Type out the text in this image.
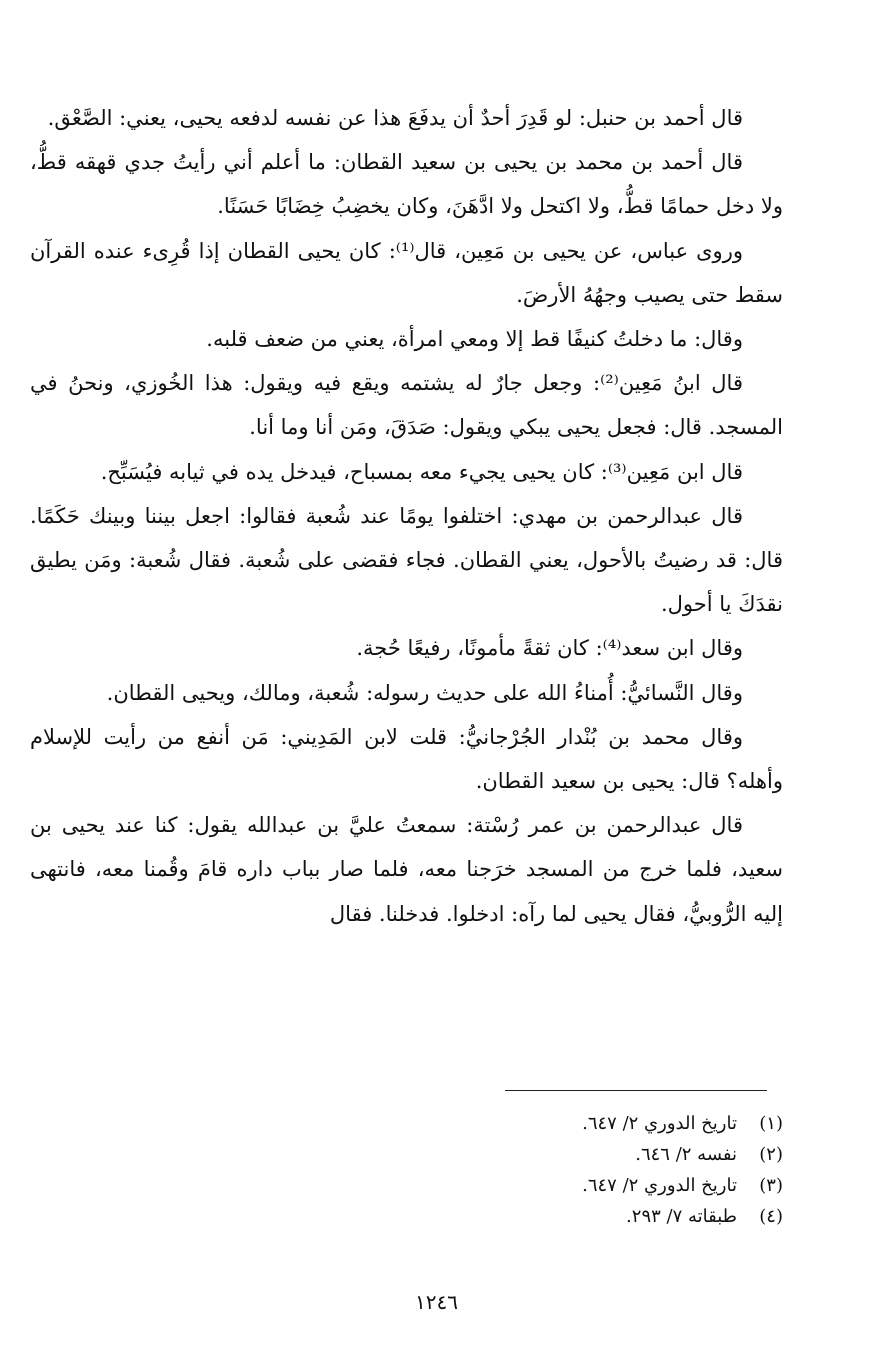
قال أحمد بن حنبل: لو قَدِرَ أحدٌ أن يدفَعَ هذا عن نفسه لدفعه يحيى، يعني: الصَّعْق.

قال أحمد بن محمد بن يحيى بن سعيد القطان: ما أعلم أني رأيتُ جدي قهقه قطُّ، ولا دخل حمامًا قطُّ، ولا اكتحل ولا ادَّهَنَ، وكان يخضِبُ خِضَابًا حَسَنًا.

وروى عباس، عن يحيى بن مَعِين، قال⁽¹⁾: كان يحيى القطان إذا قُرِىء عنده القرآن سقط حتى يصيب وجهُهُ الأرضَ.

وقال: ما دخلتُ كنيفًا قط إلا ومعي امرأة، يعني من ضعف قلبه.

قال ابنُ مَعِين⁽²⁾: وجعل جارٌ له يشتمه ويقع فيه ويقول: هذا الخُوزي، ونحنُ في المسجد. قال: فجعل يحيى يبكي ويقول: صَدَقَ، ومَن أنا وما أنا.

قال ابن مَعِين⁽³⁾: كان يحيى يجيء معه بمسباح، فيدخل يده في ثيابه فيُسَبِّح.

قال عبدالرحمن بن مهدي: اختلفوا يومًا عند شُعبة فقالوا: اجعل بيننا وبينك حَكَمًا. قال: قد رضيتُ بالأحول، يعني القطان. فجاء فقضى على شُعبة. فقال شُعبة: ومَن يطيق نقدَكَ يا أحول.

وقال ابن سعد⁽⁴⁾: كان ثقةً مأمونًا، رفيعًا حُجة.

وقال النَّسائيُّ: أُمناءُ الله على حديث رسوله: شُعبة، ومالك، ويحيى القطان.

وقال محمد بن بُنْدار الجُرْجانيُّ: قلت لابن المَدِيني: مَن أنفع من رأيت للإسلام وأهله؟ قال: يحيى بن سعيد القطان.

قال عبدالرحمن بن عمر رُسْتة: سمعتُ عليَّ بن عبدالله يقول: كنا عند يحيى بن سعيد، فلما خرج من المسجد خرَجنا معه، فلما صار بباب داره قامَ وقُمنا معه، فانتهى إليه الرُّوبيُّ، فقال يحيى لما رآه: ادخلوا. فدخلنا. فقال

(١)
تاريخ الدوري ٢/ ٦٤٧.
(٢)
نفسه ٢/ ٦٤٦.
(٣)
تاريخ الدوري ٢/ ٦٤٧.
(٤)
طبقاته ٧/ ٢٩٣.
١٢٤٦
